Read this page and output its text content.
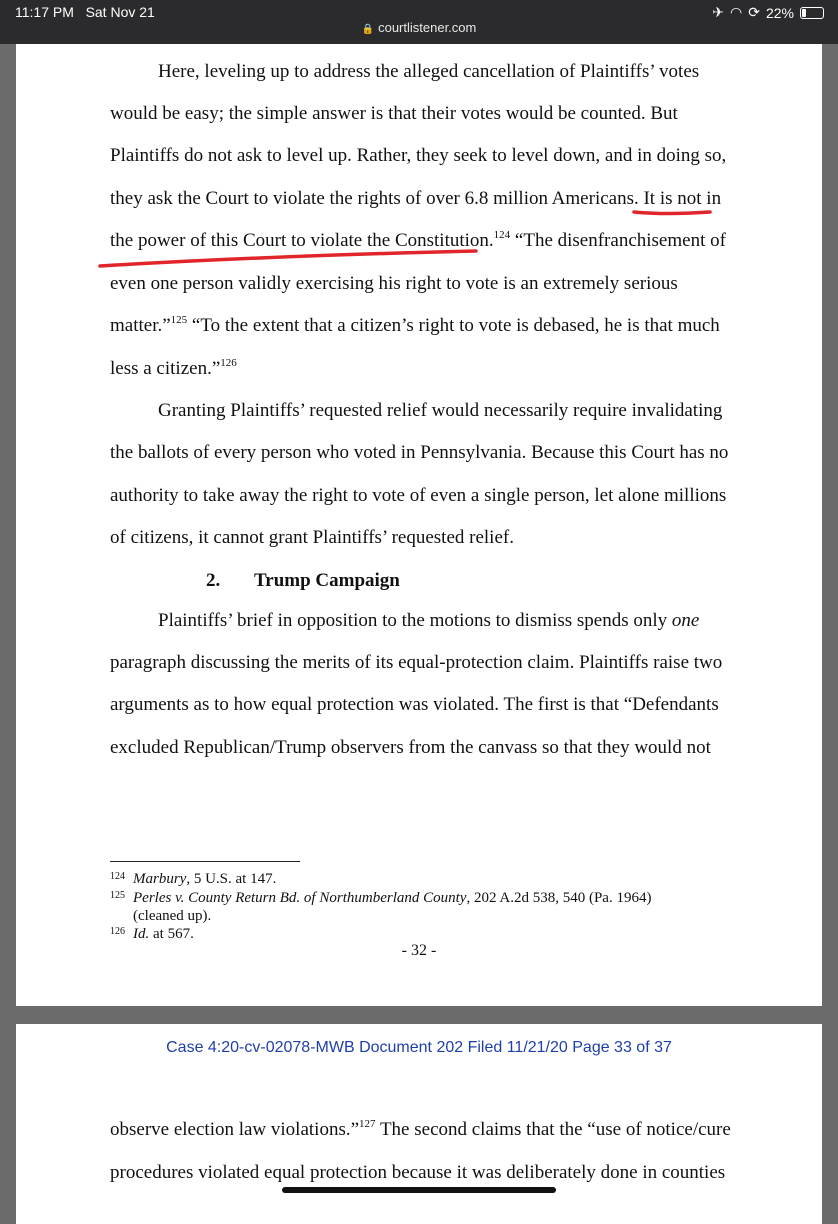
11:17 PM Sat Nov 21	✈ ◠ ⟳ 22%
🔒 courtlistener.com
Here, leveling up to address the alleged cancellation of Plaintiffs’ votes
would be easy; the simple answer is that their votes would be counted. But
Plaintiffs do not ask to level up. Rather, they seek to level down, and in doing so,
they ask the Court to violate the rights of over 6.8 million Americans. It is not in
the power of this Court to violate the Constitution.$^{124}$ “The disenfranchisement of
even one person validly exercising his right to vote is an extremely serious
matter.”$^{125}$ “To the extent that a citizen’s right to vote is debased, he is that much
less a citizen.”$^{126}$
Granting Plaintiffs’ requested relief would necessarily require invalidating
the ballots of every person who voted in Pennsylvania. Because this Court has no
authority to take away the right to vote of even a single person, let alone millions
of citizens, it cannot grant Plaintiffs’ requested relief.
2. Trump Campaign
Plaintiffs’ brief in opposition to the motions to dismiss spends only one
paragraph discussing the merits of its equal-protection claim. Plaintiffs raise two
arguments as to how equal protection was violated. The first is that “Defendants
excluded Republican/Trump observers from the canvass so that they would not
$^{124}$ Marbury, 5 U.S. at 147.
$^{125}$ Perles v. County Return Bd. of Northumberland County, 202 A.2d 538, 540 (Pa. 1964)
(cleaned up).
$^{126}$ Id. at 567.
- 32 -
Case 4:20-cv-02078-MWB Document 202 Filed 11/21/20 Page 33 of 37
observe election law violations.”$^{127}$ The second claims that the “use of notice/cure
procedures violated equal protection because it was deliberately done in counties
